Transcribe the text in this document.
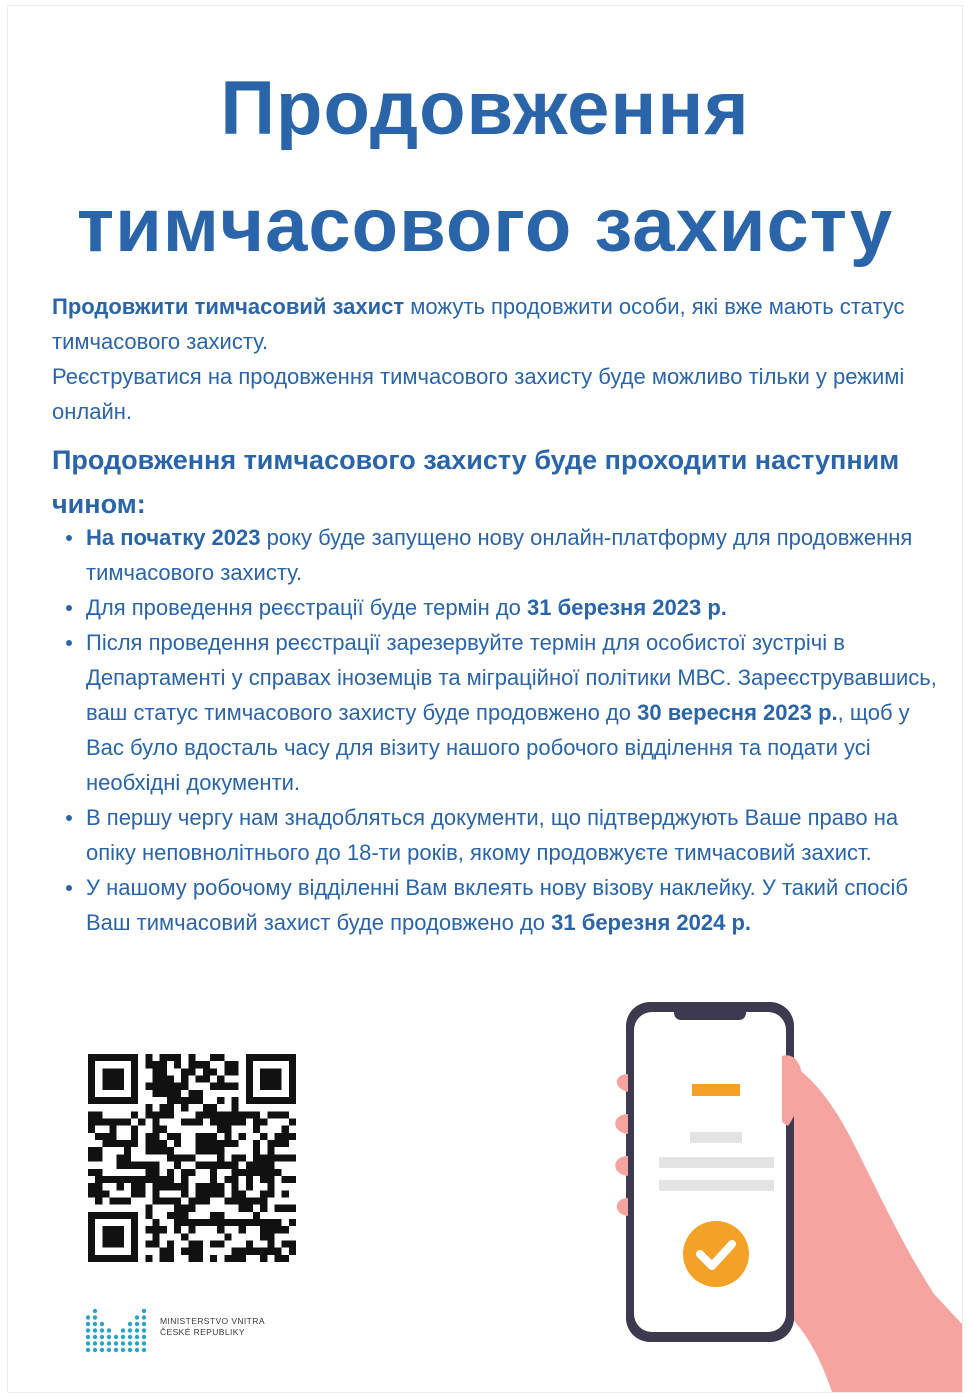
Продовження
тимчасового захисту

Продовжити тимчасовий захист можуть продовжити особи, які вже мають статус тимчасового захисту.

Реєструватися на продовження тимчасового захисту буде можливо тільки у режимі онлайн.

Продовження тимчасового захисту буде проходити наступним чином:
На початку 2023 року буде запущено нову онлайн-платформу для продовження тимчасового захисту.
Для проведення реєстрації буде термін до 31 березня 2023 р.
Після проведення реєстрації зарезервуйте термін для особистої зустрічі в Департаменті у справах іноземців та міграційної політики МВС. Зареєструвавшись, ваш статус тимчасового захисту буде продовжено до 30 вересня 2023 р., щоб у Вас було вдосталь часу для візиту нашого робочого відділення та подати усі необхідні документи.
В першу чергу нам знадобляться документи, що підтверджують Ваше право на опіку неповнолітнього до 18-ти років, якому продовжуєте тимчасовий захист.
У нашому робочому відділенні Вам вклеять нову візову наклейку. У такий спосіб Ваш тимчасовий захист буде продовжено до 31 березня 2024 р.
MINISTERSTVO VNITRA
ČESKÉ REPUBLIKY
